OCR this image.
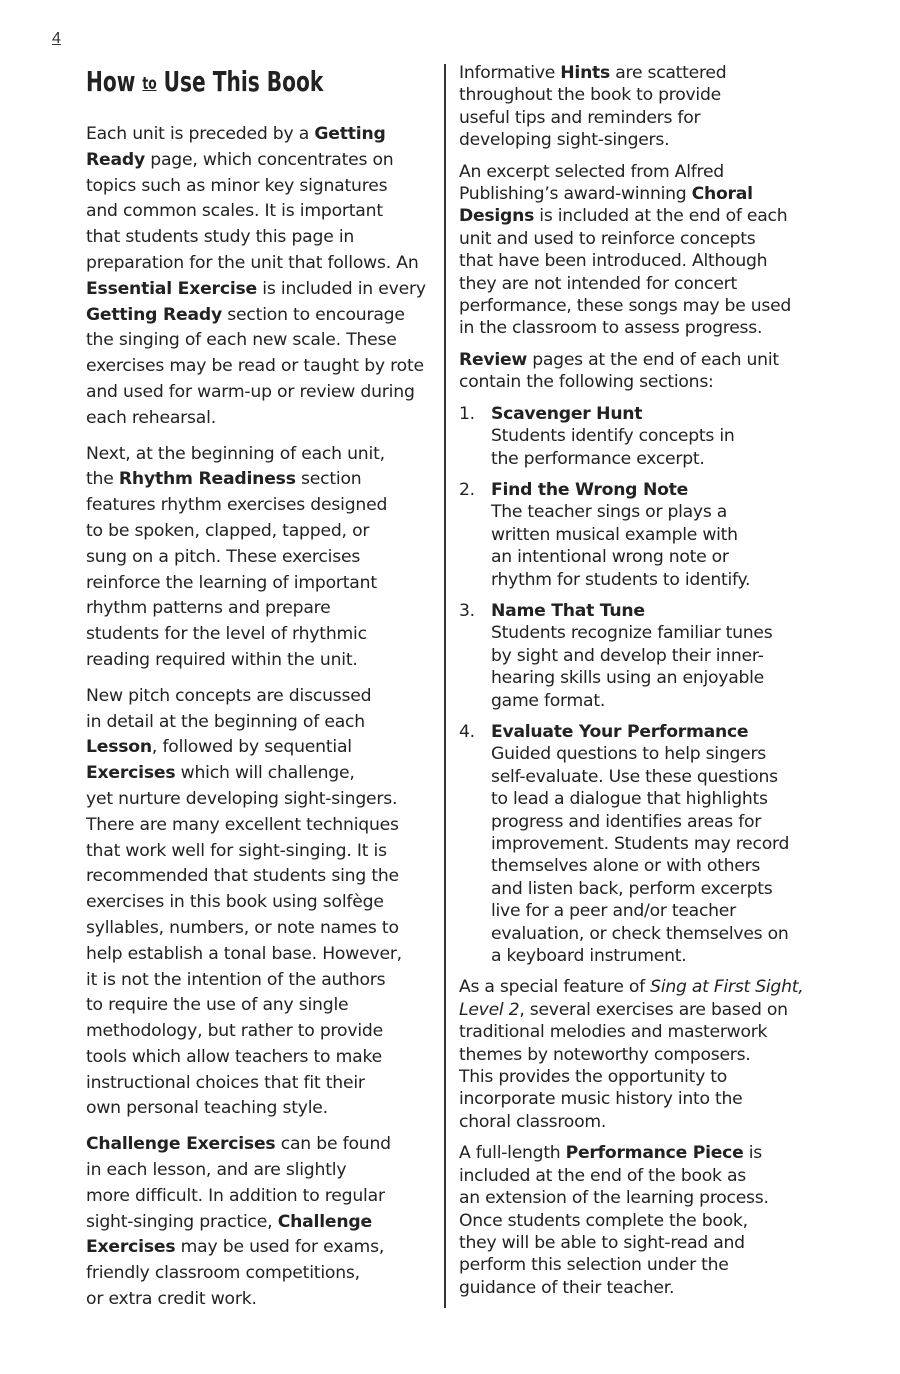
4
How to Use This Book

Each unit is preceded by a Getting
Ready page, which concentrates on
topics such as minor key signatures
and common scales. It is important
that students study this page in
preparation for the unit that follows. An
Essential Exercise is included in every
Getting Ready section to encourage
the singing of each new scale. These
exercises may be read or taught by rote
and used for warm-up or review during
each rehearsal.

Next, at the beginning of each unit,
the Rhythm Readiness section
features rhythm exercises designed
to be spoken, clapped, tapped, or
sung on a pitch. These exercises
reinforce the learning of important
rhythm patterns and prepare
students for the level of rhythmic
reading required within the unit.

New pitch concepts are discussed
in detail at the beginning of each
Lesson, followed by sequential
Exercises which will challenge,
yet nurture developing sight-singers.
There are many excellent techniques
that work well for sight-singing. It is
recommended that students sing the
exercises in this book using solfège
syllables, numbers, or note names to
help establish a tonal base. However,
it is not the intention of the authors
to require the use of any single
methodology, but rather to provide
tools which allow teachers to make
instructional choices that fit their
own personal teaching style.

Challenge Exercises can be found
in each lesson, and are slightly
more difficult. In addition to regular
sight-singing practice, Challenge
Exercises may be used for exams,
friendly classroom competitions,
or extra credit work.

Informative Hints are scattered
throughout the book to provide
useful tips and reminders for
developing sight-singers.

An excerpt selected from Alfred
Publishing’s award-winning Choral
Designs is included at the end of each
unit and used to reinforce concepts
that have been introduced. Although
they are not intended for concert
performance, these songs may be used
in the classroom to assess progress.

Review pages at the end of each unit
contain the following sections:

1. Scavenger Hunt
Students identify concepts in
the performance excerpt.
2. Find the Wrong Note
The teacher sings or plays a
written musical example with
an intentional wrong note or
rhythm for students to identify.
3. Name That Tune
Students recognize familiar tunes
by sight and develop their inner-
hearing skills using an enjoyable
game format.
4. Evaluate Your Performance
Guided questions to help singers
self-evaluate. Use these questions
to lead a dialogue that highlights
progress and identifies areas for
improvement. Students may record
themselves alone or with others
and listen back, perform excerpts
live for a peer and/or teacher
evaluation, or check themselves on
a keyboard instrument.

As a special feature of Sing at First Sight,
Level 2, several exercises are based on
traditional melodies and masterwork
themes by noteworthy composers.
This provides the opportunity to
incorporate music history into the
choral classroom.

A full-length Performance Piece is
included at the end of the book as
an extension of the learning process.
Once students complete the book,
they will be able to sight-read and
perform this selection under the
guidance of their teacher.
